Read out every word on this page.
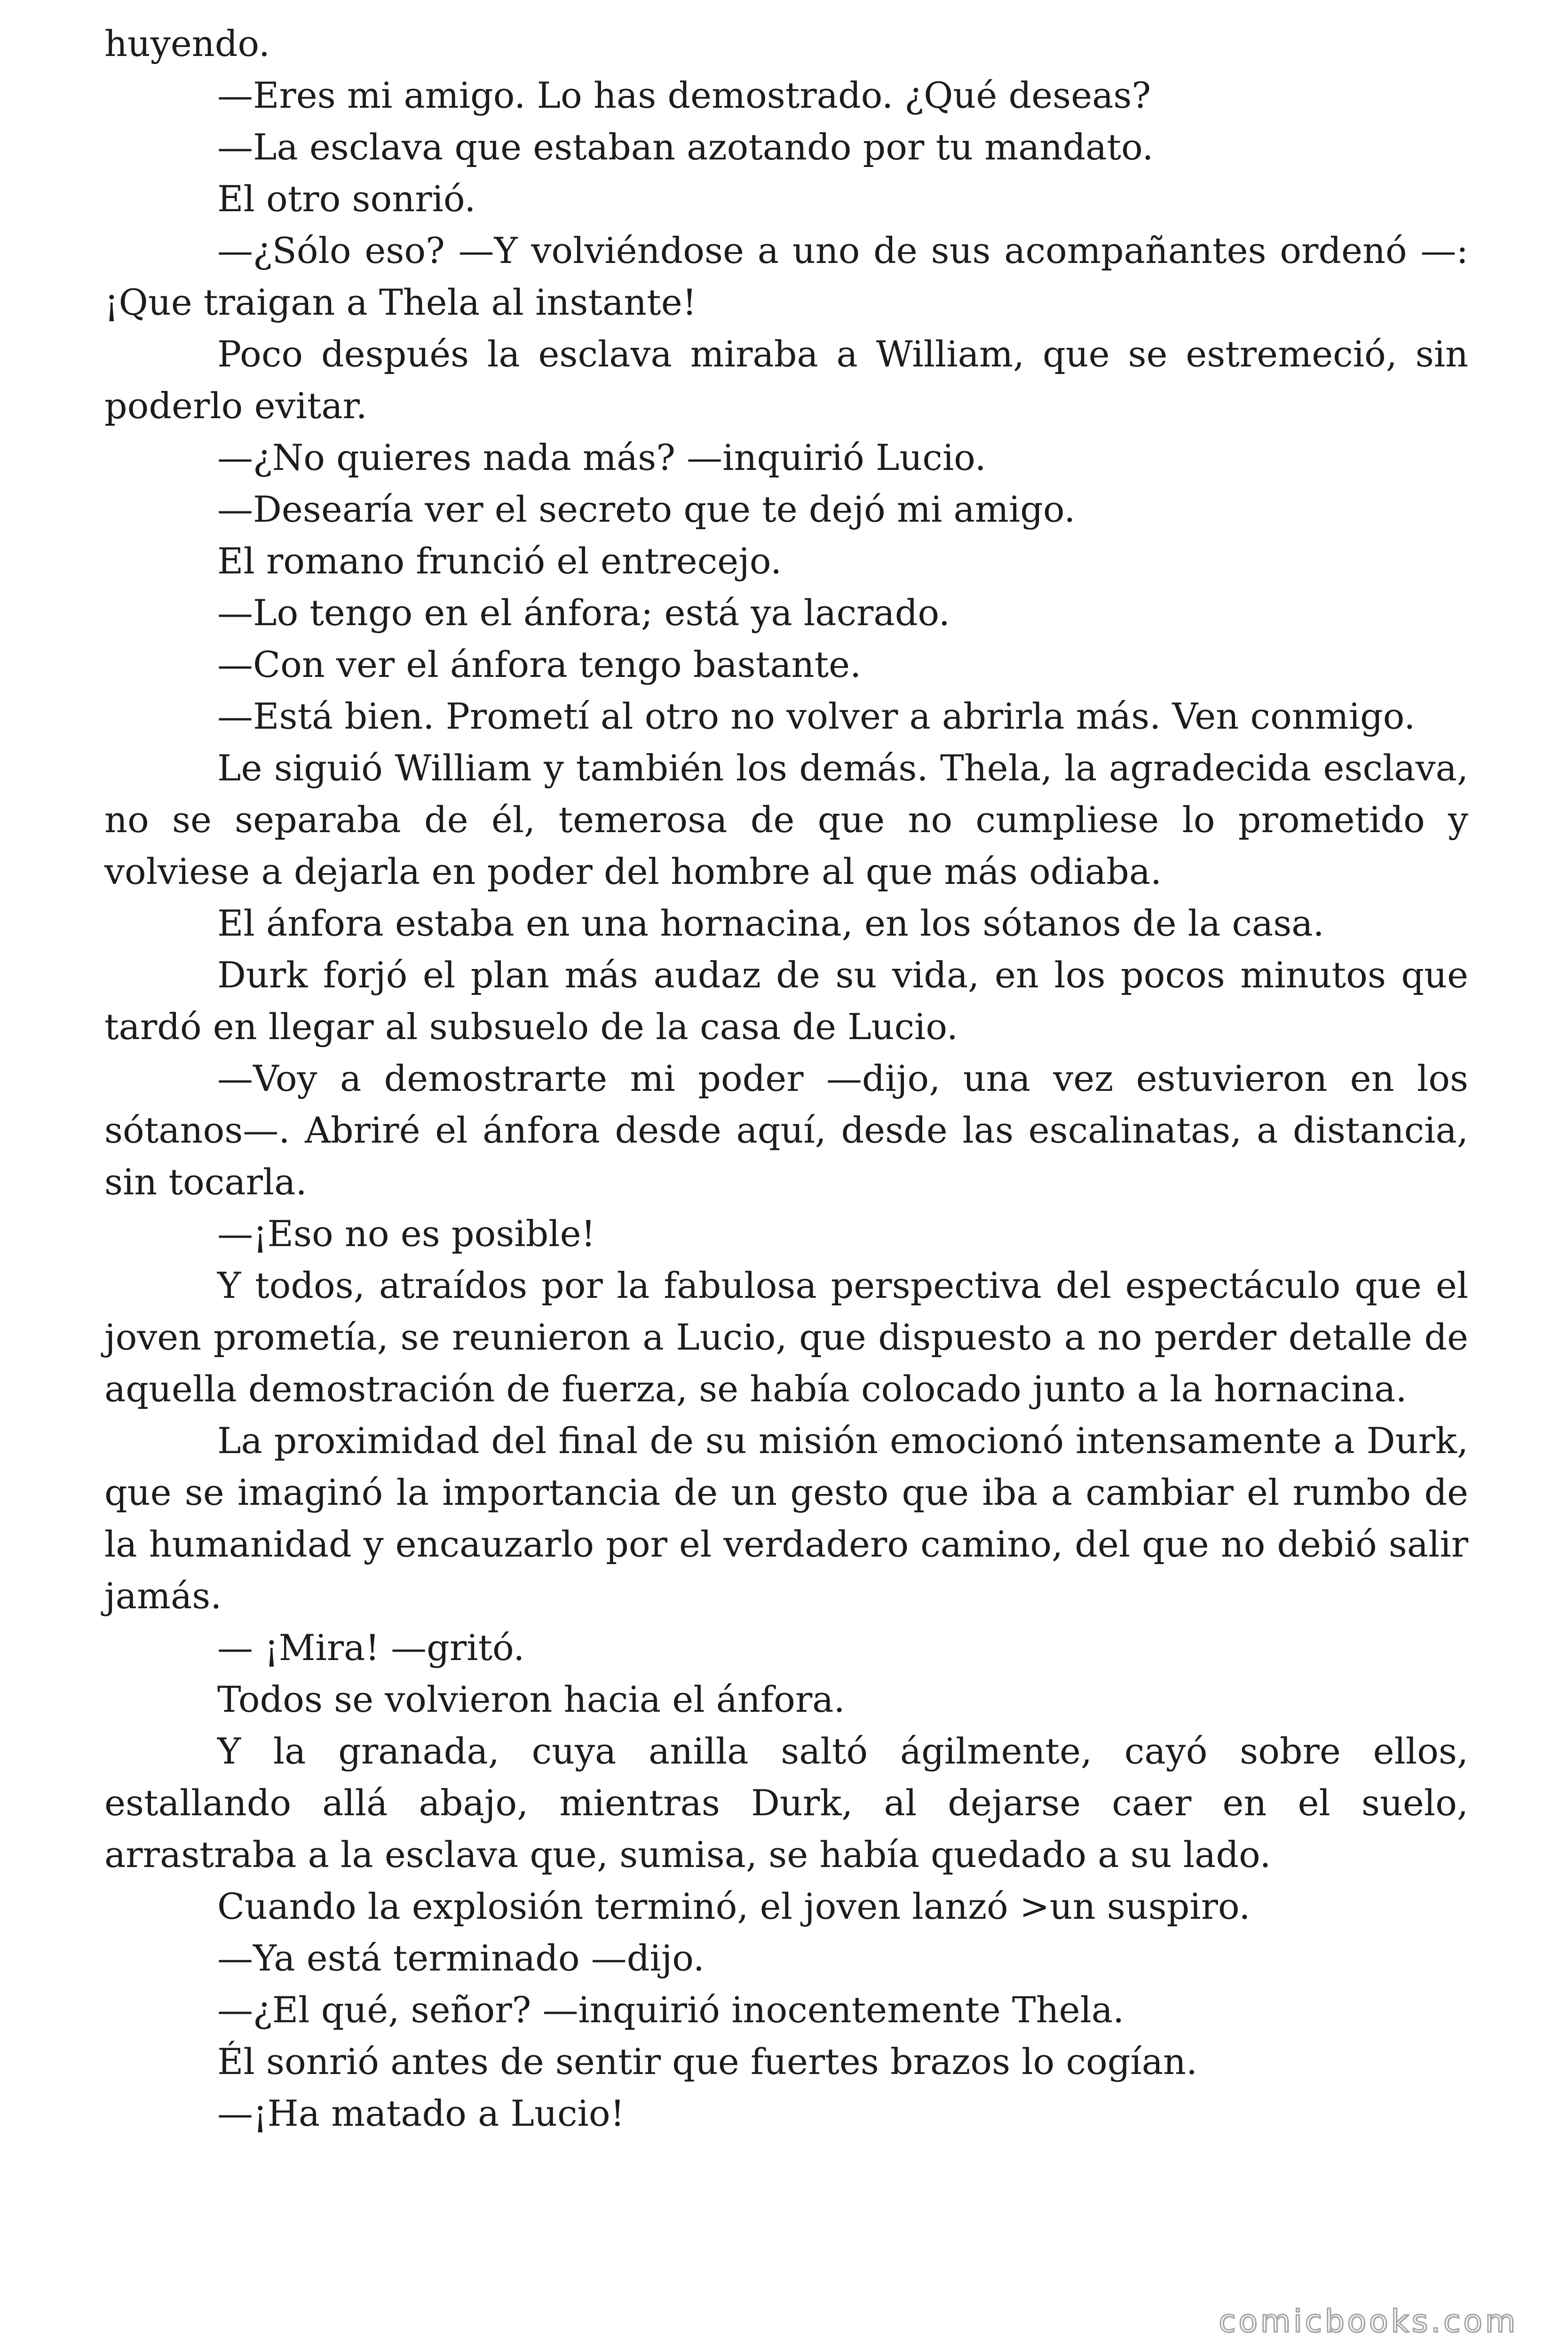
huyendo.

—Eres mi amigo. Lo has demostrado. ¿Qué deseas?

—La esclava que estaban azotando por tu mandato.

El otro sonrió.

—¿Sólo eso? —Y volviéndose a uno de sus acompañantes ordenó —: ¡Que traigan a Thela al instante!

Poco después la esclava miraba a William, que se estremeció, sin poderlo evitar.

—¿No quieres nada más? —inquirió Lucio.

—Desearía ver el secreto que te dejó mi amigo.

El romano frunció el entrecejo.

—Lo tengo en el ánfora; está ya lacrado.

—Con ver el ánfora tengo bastante.

—Está bien. Prometí al otro no volver a abrirla más. Ven conmigo.

Le siguió William y también los demás. Thela, la agradecida esclava, no se separaba de él, temerosa de que no cumpliese lo prometido y volviese a dejarla en poder del hombre al que más odiaba.

El ánfora estaba en una hornacina, en los sótanos de la casa.

Durk forjó el plan más audaz de su vida, en los pocos minutos que tardó en llegar al subsuelo de la casa de Lucio.

—Voy a demostrarte mi poder —dijo, una vez estuvieron en los sótanos—. Abriré el ánfora desde aquí, desde las escalinatas, a distancia, sin tocarla.

—¡Eso no es posible!

Y todos, atraídos por la fabulosa perspectiva del espectáculo que el joven prometía, se reunieron a Lucio, que dispuesto a no perder detalle de aquella demostración de fuerza, se había colocado junto a la hornacina.

La proximidad del final de su misión emocionó intensamente a Durk, que se imaginó la importancia de un gesto que iba a cambiar el rumbo de la humanidad y encauzarlo por el verdadero camino, del que no debió salir jamás.

— ¡Mira! —gritó.

Todos se volvieron hacia el ánfora.

Y la granada, cuya anilla saltó ágilmente, cayó sobre ellos, estallando allá abajo, mientras Durk, al dejarse caer en el suelo, arrastraba a la esclava que, sumisa, se había quedado a su lado.

Cuando la explosión terminó, el joven lanzó >un suspiro.

—Ya está terminado —dijo.

—¿El qué, señor? —inquirió inocentemente Thela.

Él sonrió antes de sentir que fuertes brazos lo cogían.

—¡Ha matado a Lucio!

comicbooks.com
